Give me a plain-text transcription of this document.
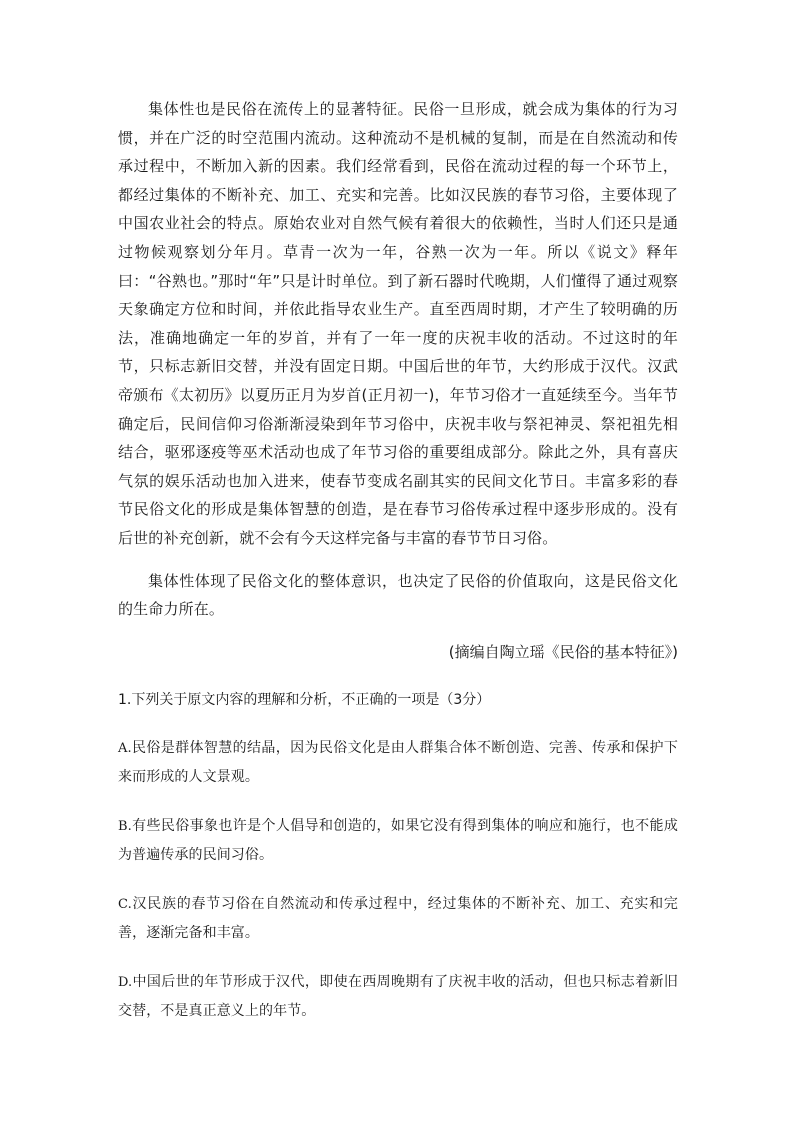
集体性也是民俗在流传上的显著特征。民俗一旦形成，就会成为集体的行为习惯，并在广泛的时空范围内流动。这种流动不是机械的复制，而是在自然流动和传承过程中，不断加入新的因素。我们经常看到，民俗在流动过程的每一个环节上，都经过集体的不断补充、加工、充实和完善。比如汉民族的春节习俗，主要体现了中国农业社会的特点。原始农业对自然气候有着很大的依赖性，当时人们还只是通过物候观察划分年月。草青一次为一年，谷熟一次为一年。所以《说文》释年曰：“谷熟也。”那时“年”只是计时单位。到了新石器时代晚期，人们懂得了通过观察天象确定方位和时间，并依此指导农业生产。直至西周时期，才产生了较明确的历法，准确地确定一年的岁首，并有了一年一度的庆祝丰收的活动。不过这时的年节，只标志新旧交替，并没有固定日期。中国后世的年节，大约形成于汉代。汉武帝颁布《太初历》以夏历正月为岁首(正月初一)，年节习俗才一直延续至今。当年节确定后，民间信仰习俗渐渐浸染到年节习俗中，庆祝丰收与祭祀神灵、祭祀祖先相结合，驱邪逐疫等巫术活动也成了年节习俗的重要组成部分。除此之外，具有喜庆气氛的娱乐活动也加入进来，使春节变成名副其实的民间文化节日。丰富多彩的春节民俗文化的形成是集体智慧的创造，是在春节习俗传承过程中逐步形成的。没有后世的补充创新，就不会有今天这样完备与丰富的春节节日习俗。

集体性体现了民俗文化的整体意识，也决定了民俗的价值取向，这是民俗文化的生命力所在。

(摘编自陶立瑶《民俗的基本特征》)

1.下列关于原文内容的理解和分析，不正确的一项是（3分）

A.民俗是群体智慧的结晶，因为民俗文化是由人群集合体不断创造、完善、传承和保护下来而形成的人文景观。

B.有些民俗事象也许是个人倡导和创造的，如果它没有得到集体的响应和施行，也不能成为普遍传承的民间习俗。

C.汉民族的春节习俗在自然流动和传承过程中，经过集体的不断补充、加工、充实和完善，逐渐完备和丰富。

D.中国后世的年节形成于汉代，即使在西周晚期有了庆祝丰收的活动，但也只标志着新旧交替，不是真正意义上的年节。
